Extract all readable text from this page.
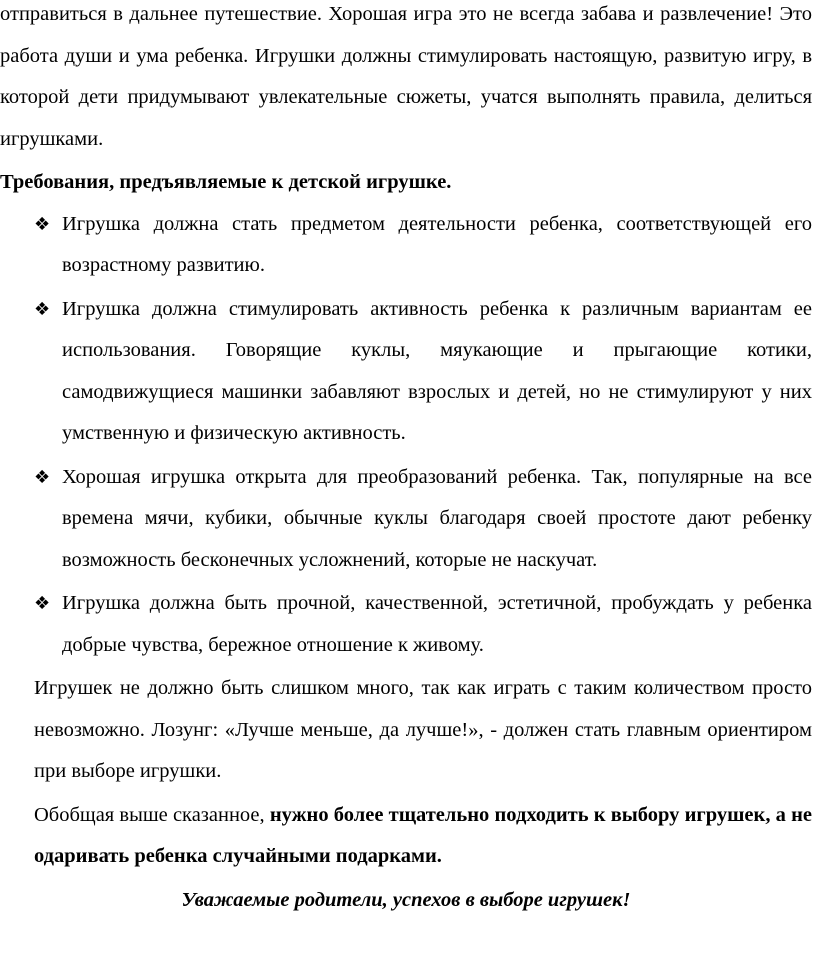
отправиться в дальнее путешествие. Хорошая игра это не всегда забава и развлечение! Это работа души и ума ребенка. Игрушки должны стимулировать настоящую, развитую игру, в которой дети придумывают увлекательные сюжеты, учатся выполнять правила, делиться игрушками.

Требования, предъявляемые к детской игрушке.

❖ Игрушка должна стать предметом деятельности ребенка, соответствующей его возрастному развитию.
❖ Игрушка должна стимулировать активность ребенка к различным вариантам ее использования. Говорящие куклы, мяукающие и прыгающие котики, самодвижущиеся машинки забавляют взрослых и детей, но не стимулируют у них умственную и физическую активность.
❖ Хорошая игрушка открыта для преобразований ребенка. Так, популярные на все времена мячи, кубики, обычные куклы благодаря своей простоте дают ребенку возможность бесконечных усложнений, которые не наскучат.
❖ Игрушка должна быть прочной, качественной, эстетичной, пробуждать у ребенка добрые чувства, бережное отношение к живому.

Игрушек не должно быть слишком много, так как играть с таким количеством просто невозможно. Лозунг: «Лучше меньше, да лучше!», - должен стать главным ориентиром при выборе игрушки.

Обобщая выше сказанное, нужно более тщательно подходить к выбору игрушек, а не одаривать ребенка случайными подарками.

Уважаемые родители, успехов в выборе игрушек!
